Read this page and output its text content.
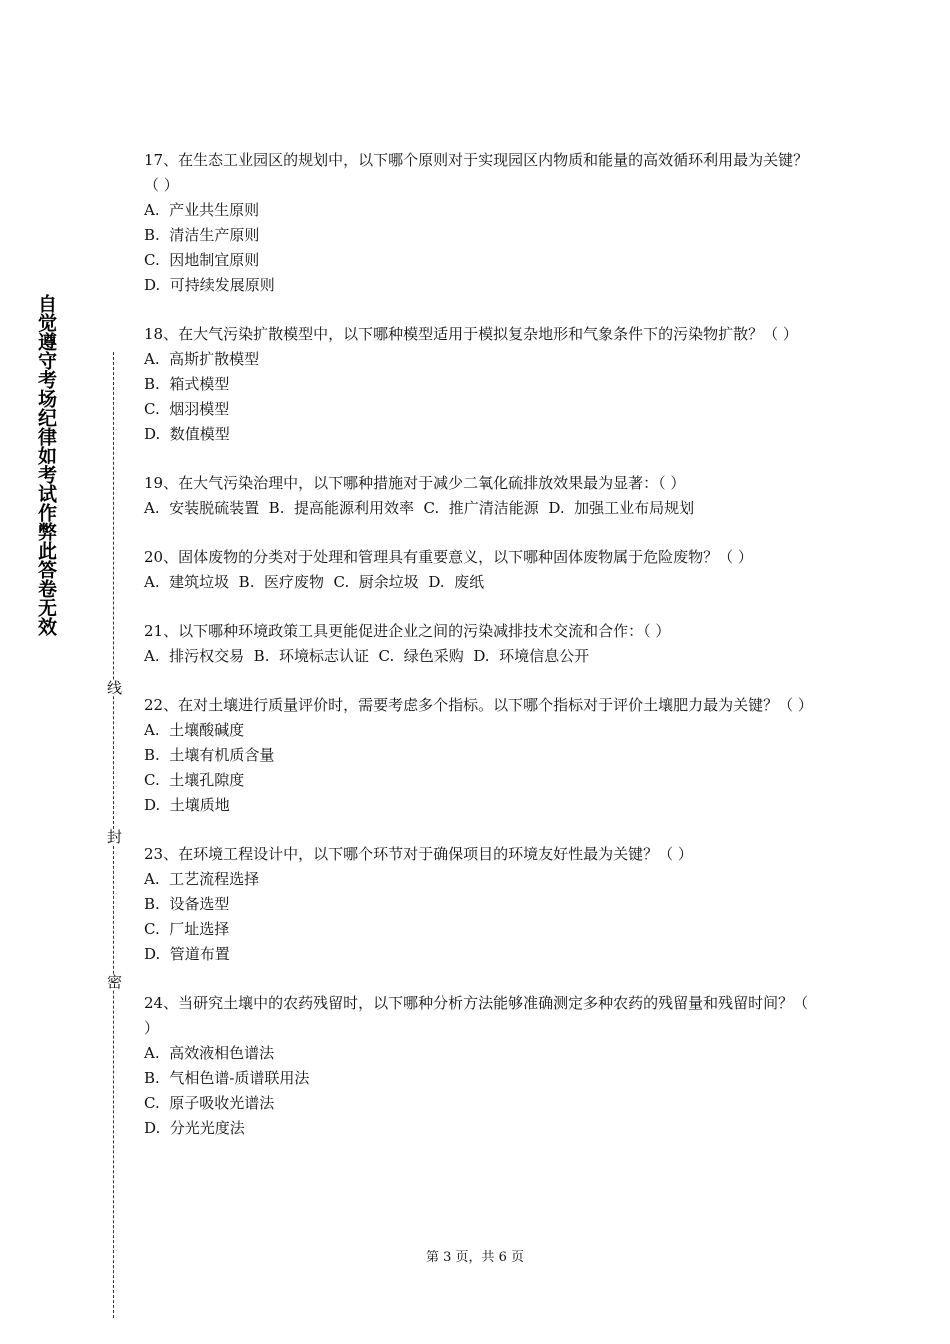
自觉遵守考场纪律如考试作弊此答卷无效
线
封
密

17、在生态工业园区的规划中，以下哪个原则对于实现园区内物质和能量的高效循环利用最为关键？（ ）

A.  产业共生原则

B.  清洁生产原则

C.  因地制宜原则

D.  可持续发展原则

18、在大气污染扩散模型中，以下哪种模型适用于模拟复杂地形和气象条件下的污染物扩散？（ ）

A.  高斯扩散模型

B.  箱式模型

C.  烟羽模型

D.  数值模型

19、在大气污染治理中，以下哪种措施对于减少二氧化硫排放效果最为显著：（ ）

A.  安装脱硫装置  B.  提高能源利用效率  C.  推广清洁能源  D.  加强工业布局规划

20、固体废物的分类对于处理和管理具有重要意义，以下哪种固体废物属于危险废物？（ ）

A.  建筑垃圾  B.  医疗废物  C.  厨余垃圾  D.  废纸

21、以下哪种环境政策工具更能促进企业之间的污染减排技术交流和合作：（ ）

A.  排污权交易  B.  环境标志认证  C.  绿色采购  D.  环境信息公开

22、在对土壤进行质量评价时，需要考虑多个指标。以下哪个指标对于评价土壤肥力最为关键？（ ）

A.  土壤酸碱度

B.  土壤有机质含量

C.  土壤孔隙度

D.  土壤质地

23、在环境工程设计中，以下哪个环节对于确保项目的环境友好性最为关键？（ ）

A.  工艺流程选择

B.  设备选型

C.  厂址选择

D.  管道布置

24、当研究土壤中的农药残留时，以下哪种分析方法能够准确测定多种农药的残留量和残留时间？（ ）

A.  高效液相色谱法

B.  气相色谱-质谱联用法

C.  原子吸收光谱法

D.  分光光度法

第 3 页，共 6 页
